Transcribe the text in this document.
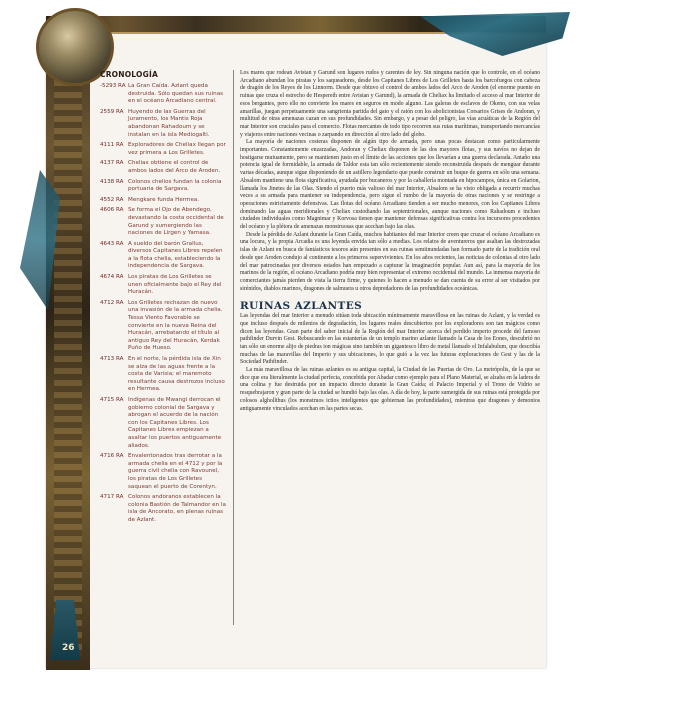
26
CRONOLOGÍA
-5293 RA La Gran Caída. Azlant queda destruida. Sólo quedan sus ruinas en el océano Arcadiano central.
2559 RA Huyendo de las Guerras del Juramento, los Mantis Roja abandonan Rahadoum y se instalan en la isla Mediogalti.
4111 RA Exploradores de Cheliax llegan por vez primera a Los Grilletes.
4137 RA Cheliax obtiene el control de ambos lados del Arco de Aroden.
4138 RA Colonos chelios fundan la colonia portuaria de Sargava.
4552 RA Mengkare funda Hermea.
4606 RA Se forma el Ojo de Abendego, devastando la costa occidental de Garund y sumergiendo las naciones de Lirgen y Yamasa.
4643 RA A sueldo del barón Grallus, diversos Capitanes Libres repelen a la flota chelia, estableciendo la independencia de Sargava.
4674 RA Los piratas de Los Grilletes se unen oficialmente bajo el Rey del Huracán.
4712 RA Los Grilletes rechazan de nuevo una invasión de la armada chelia. Tessa Viento Favorable se convierte en la nueva Reina del Huracán, arrebatando el título al antiguo Rey del Huracán, Kerdak Puño de Hueso.
4713 RA En el norte, la pérdida isla de Xin se alza de las aguas frente a la costa de Varisia; el maremoto resultante causa destrozos incluso en Hermea.
4715 RA Indígenas de Mwangi derrocan el gobierno colonial de Sargava y abrogan el acuerdo de la nación con los Capitanes Libres. Los Capitanes Libres empiezan a asaltar los puertos antiguamente aliados.
4716 RA Envalentonados tras derrotar a la armada chelia en el 4712 y por la guerra civil chelia con Ravounel, los piratas de Los Grilletes saquean el puerto de Corentyn.
4717 RA Colonos andoranos establecen la colonia Bastión de Talmandor en la isla de Ancorato, en plenas ruinas de Azlant.

Los mares que rodean Avistan y Garund son lugares rudos y carentes de ley. Sin ninguna nación que lo controle, en el océano Arcadiano abundan los piratas y los saqueadores, desde los Capitanes Libres de Los Grilletes hasta los barcofuegos con cabeza de dragón de los Reyes de los Linnorm. Desde que obtuvo el control de ambos lados del Arco de Aroden (el enorme puente en ruinas que cruza el estrecho de Hespereth entre Avistan y Garund), la armada de Cheliax ha limitado el acceso al mar Interior de esos bergantes, pero ello no convierte los mares en seguros en modo alguno. Las galeras de esclavos de Okeno, con sus velas amarillas, juegan perpetuamente una sangrienta partida del gato y el ratón con los abolicionistas Corsarios Grises de Andoran, y multitud de otras amenazas cazan en sus profundidades. Sin embargo, y a pesar del peligro, las vías acuáticas de la Región del mar Interior son cruciales para el comercio. Flotas mercantes de todo tipo recorren sus rutas marítimas, transportando mercancías y viajeros entre naciones vecinas o zarpando en dirección al otro lado del globo.

La mayoría de naciones costeras disponen de algún tipo de armada, pero unas pocas destacan como particularmente importantes. Constantemente enzarzadas, Andoran y Cheliax disponen de las dos mayores flotas, y sus navíos no dejan de hostigarse mutuamente, pero se mantienen justo en el límite de las acciones que los llevarían a una guerra declarada. Antaño una potencia igual de formidable, la armada de Taldor esta tan sólo recientemente siendo reconstruida después de menguar durante varias décadas, aunque sigue disponiendo de un astillero legendario que puede construir un buque de guerra en sólo una semana. Absalom mantiene una flota significativa, ayudada por bucaneros y por la caballería montada en hipocampos, única en Golarion, llamada los Jinetes de las Olas. Siendo el puerto más valioso del mar Interior, Absalom se ha visto obligada a recurrir muchas veces a su armada para mantener su independencia, pero sigue el rumbo de la mayoría de otras naciones y se restringe a operaciones estrictamente defensivas. Las flotas del océano Arcadiano tienden a ser mucho menores, con los Capitanes Libres dominando las aguas meridionales y Cheliax custodiando las septentrionales, aunque naciones como Rahadoum e incluso ciudades individuales como Magnimar y Korvosa tienen que mantener defensas significativas contra los incursores procedentes del océano y la plétora de amenazas monstruosas que acechan bajo las olas.

Desde la pérdida de Azlant durante la Gran Caída, muchos habitantes del mar Interior creen que cruzar el océano Arcadiano es una locura, y la propia Arcadia es una leyenda envida tan sólo a medias. Los relatos de aventureros que asaltan las destrozadas islas de Azlant en busca de fantásticos tesoros aún presentes en sus ruinas semiinundadas han formado parte de la tradición oral desde que Aroden condujo al continente a los primeros supervivientes. En los años recientes, las noticias de colonias al otro lado del mar patrocinadas por diversos estados han empezado a capturar la imaginación popular. Aun así, para la mayoría de los marinos de la región, el océano Arcadiano podría muy bien representar el extremo occidental del mundo. La inmensa mayoría de comerciantes jamás pierden de vista la tierra firme, y quienes lo hacen a menudo se dan cuenta de su error al ser visitados por sirénidos, diablos marinos, dragones de salmuera u otros depredadores de las profundidades oceánicas.

RUINAS AZLANTES

Las leyendas del mar Interior a menudo sitúan toda ubicación mínimamente maravillosa en las ruinas de Azlant, y la verdad es que incluso después de milenios de degradación, los lugares reales descubiertos por los exploradores son tan mágicos como dicen las leyendas. Gran parte del saber inicial de la Región del mar Interior acerca del perdido imperio procede del famoso pathfinder Durvin Gest. Rebuscando en las estanterías de un templo marino azlante llamado la Casa de los Eones, descubrió no tan sólo un enorme alijo de piedras ion mágicas sino también un gigantesco libro de metal llamado el Infalabulum, que describía muchas de las maravillas del Imperio y sus ubicaciones, lo que guió a la vez las futuras exploraciones de Gest y las de la Sociedad Pathfinder.

La más maravillosa de las ruinas azlantes es su antigua capital, la Ciudad de las Puertas de Oro. La metrópolis, de la que se dice que era literalmente la ciudad perfecta, concebida por Abadar como ejemplo para el Plano Material, se alzaba en la ladera de una colina y fue destruida por un impacto directo durante la Gran Caída; el Palacio Imperial y el Trono de Vidrio se resquebrajaron y gran parte de la ciudad se hundió bajo las olas. A día de hoy, la parte sumergida de sus ruinas está protegida por colosos alghollthus (los monstruos ictios inteligentes que gobiernan las profundidades), mientras que dragones y demonios antiguamente vinculados acechan en las partes secas.
